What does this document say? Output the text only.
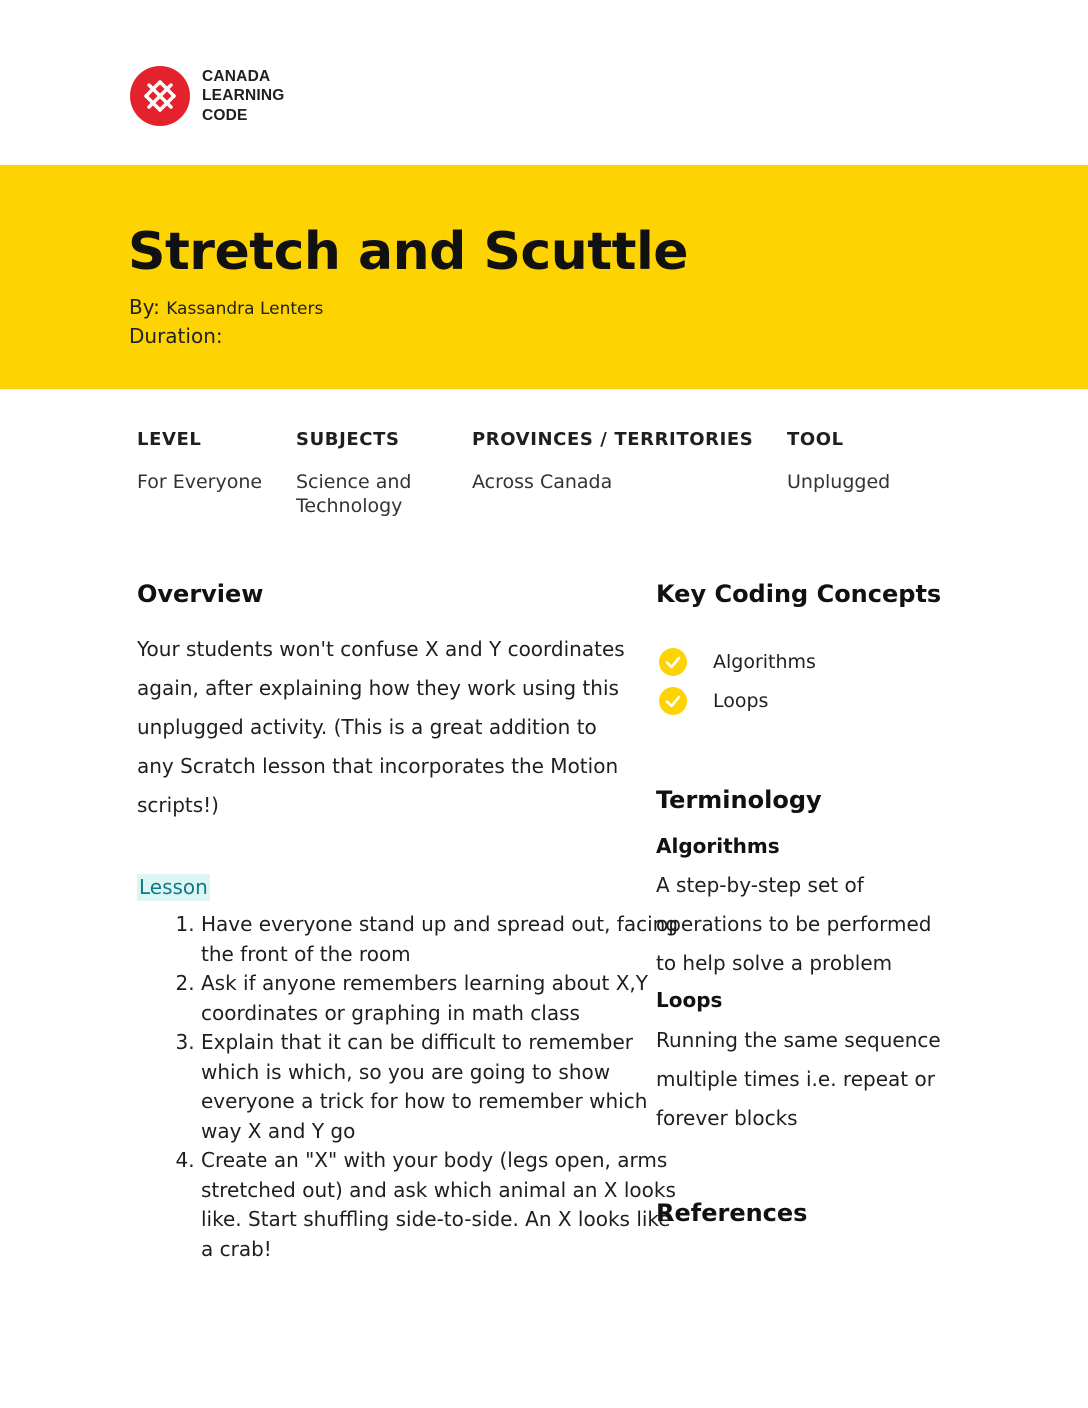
CANADA
LEARNING
CODE
Stretch and Scuttle
By: Kassandra Lenters
Duration:
LEVEL
For Everyone
SUBJECTS
Science and Technology
PROVINCES / TERRITORIES
Across Canada
TOOL
Unplugged
Overview

Your students won't confuse X and Y coordinates again, after explaining how they work using this unplugged activity. (This is a great addition to any Scratch lesson that incorporates the Motion scripts!)

Lesson
1. Have everyone stand up and spread out, facing the front of the room
2. Ask if anyone remembers learning about X,Y coordinates or graphing in math class
3. Explain that it can be difficult to remember which is which, so you are going to show everyone a trick for how to remember which way X and Y go
4. Create an "X" with your body (legs open, arms stretched out) and ask which animal an X looks like. Start shuffling side-to-side. An X looks like a crab!
Key Coding Concepts
Algorithms
Loops
Terminology
Algorithms

A step-by-step set of operations to be performed to help solve a problem

Loops

Running the same sequence multiple times i.e. repeat or forever blocks

References
